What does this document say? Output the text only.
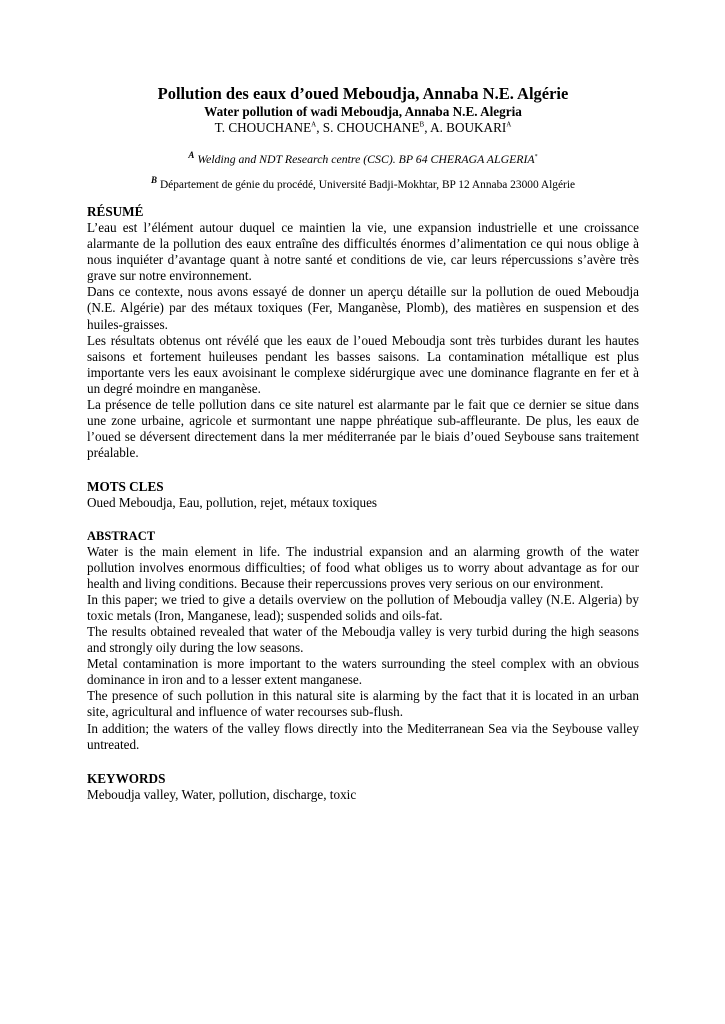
Pollution des eaux d’oued Meboudja, Annaba N.E. Algérie

Water pollution of wadi Meboudja, Annaba N.E. Alegria

T. $CHOUCHANE^A$, S. $CHOUCHANE^B$, A. $BOUKARI^A$

$^A$ Welding and NDT Research centre (CSC). BP 64 CHERAGA ALGERIA*

$^B$ Département de génie du procédé, Université Badji-Mokhtar, BP 12 Annaba 23000 Algérie

RÉSUMÉ

L’eau est l’élément autour duquel ce maintien la vie, une expansion industrielle et une croissance alarmante de la pollution des eaux entraîne des difficultés énormes d’alimentation ce qui nous oblige à nous inquiéter d’avantage quant à notre santé et conditions de vie, car leurs répercussions s’avère très grave sur notre environnement.

Dans ce contexte, nous avons essayé de donner un aperçu détaille sur la pollution de oued Meboudja (N.E. Algérie) par des métaux toxiques (Fer, Manganèse, Plomb), des matières en suspension et des huiles-graisses.

Les résultats obtenus ont révélé que les eaux de l’oued Meboudja sont très turbides durant les hautes saisons et fortement huileuses pendant les basses saisons. La contamination métallique est plus importante vers les eaux avoisinant le complexe sidérurgique avec une dominance flagrante en fer et à un degré moindre en manganèse.

La présence de telle pollution dans ce site naturel est alarmante par le fait que ce dernier se situe dans une zone urbaine, agricole et surmontant une nappe phréatique sub-affleurante. De plus, les eaux de l’oued se déversent directement dans la mer méditerranée par le biais d’oued Seybouse sans traitement préalable.

MOTS CLES

Oued Meboudja, Eau, pollution, rejet, métaux toxiques

ABSTRACT

Water is the main element in life. The industrial expansion and an alarming growth of the water pollution involves enormous difficulties; of food what obliges us to worry about advantage as for our health and living conditions. Because their repercussions proves very serious on our environment.

In this paper; we tried to give a details overview on the pollution of Meboudja valley (N.E. Algeria) by toxic metals (Iron, Manganese, lead); suspended solids and oils-fat.

The results obtained revealed that water of the Meboudja valley is very turbid during the high seasons and strongly oily during the low seasons.

Metal contamination is more important to the waters surrounding the steel complex with an obvious dominance in iron and to a lesser extent manganese.

The presence of such pollution in this natural site is alarming by the fact that it is located in an urban site, agricultural and influence of water recourses sub-flush.

In addition; the waters of the valley flows directly into the Mediterranean Sea via the Seybouse valley untreated.

KEYWORDS

Meboudja valley, Water, pollution, discharge, toxic
